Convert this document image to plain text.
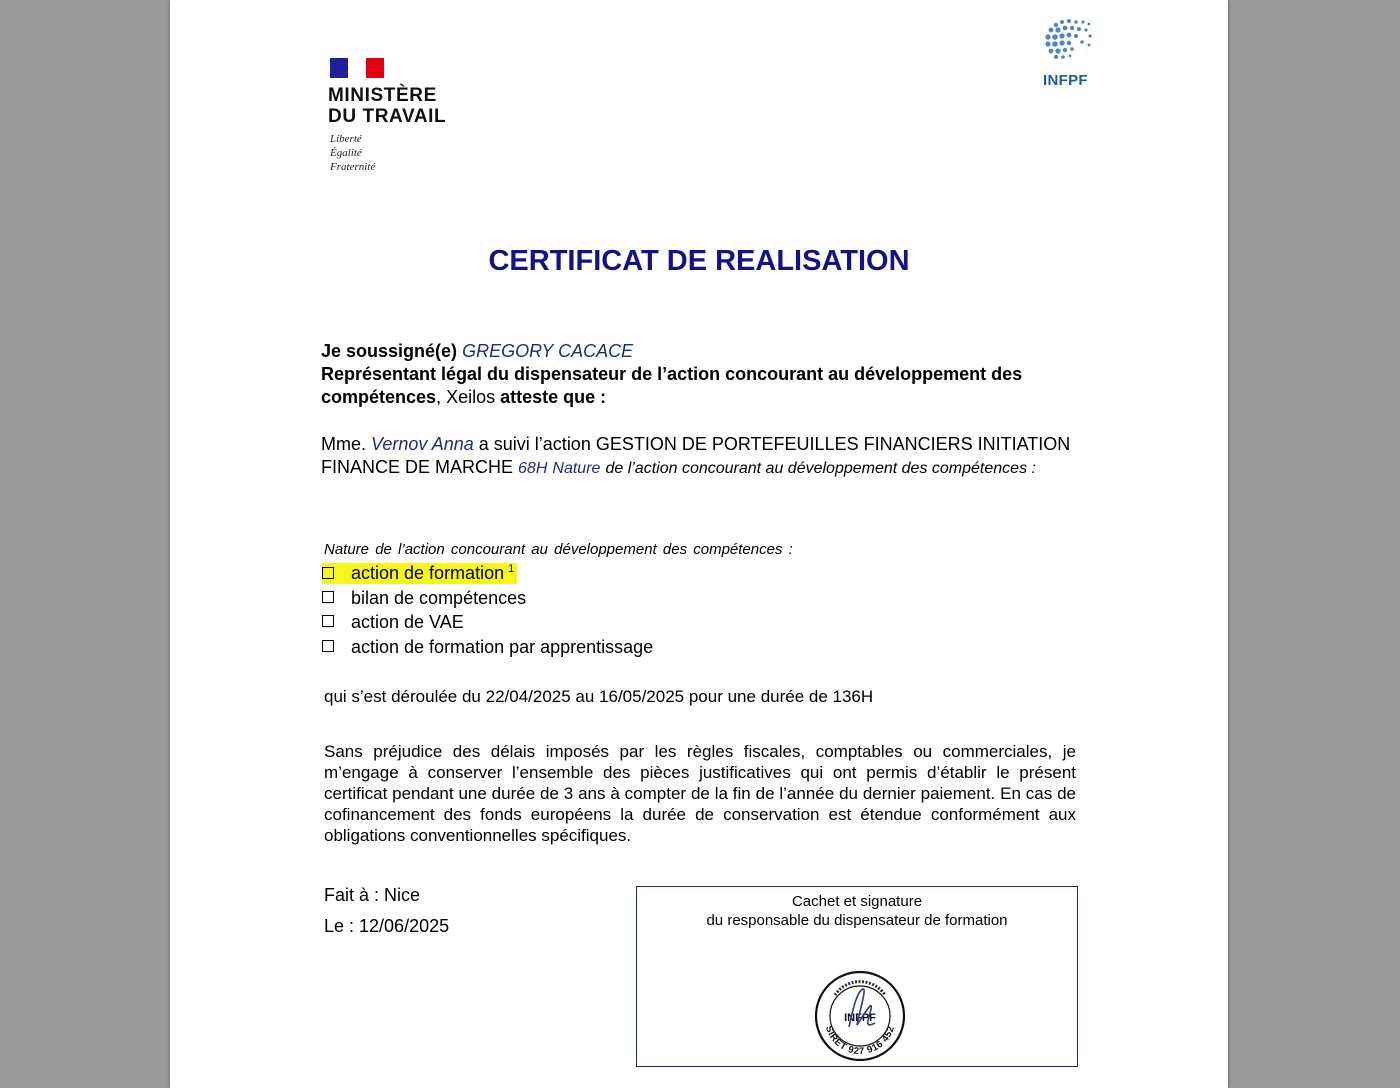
MINISTÈRE
DU TRAVAIL
Liberté
Égalité
Fraternité
INFPF
CERTIFICAT DE REALISATION

Je soussigné(e) GREGORY CACACE

Représentant légal du dispensateur de l’action concourant au développement des compétences, Xeilos atteste que :

Mme. Vernov Anna a suivi l’action GESTION DE PORTEFEUILLES FINANCIERS INITIATION FINANCE DE MARCHE 68H Nature de l’action concourant au développement des compétences :

Nature de l’action concourant au développement des compétences :
action de formation $^1$
bilan de compétences
action de VAE
action de formation par apprentissage
qui s’est déroulée du 22/04/2025 au 16/05/2025 pour une durée de 136H

Sans préjudice des délais imposés par les règles fiscales, comptables ou commerciales, je m’engage à conserver l’ensemble des pièces justificatives qui ont permis d’établir le présent certificat pendant une durée de 3 ans à compter de la fin de l’année du dernier paiement. En cas de cofinancement des fonds européens la durée de conservation est étendue conformément aux obligations conventionnelles spécifiques.

Fait à : Nice
Le : 12/06/2025
Cachet et signature
du responsable du dispensateur de formation
INFPF
SIRET 927 916 452
